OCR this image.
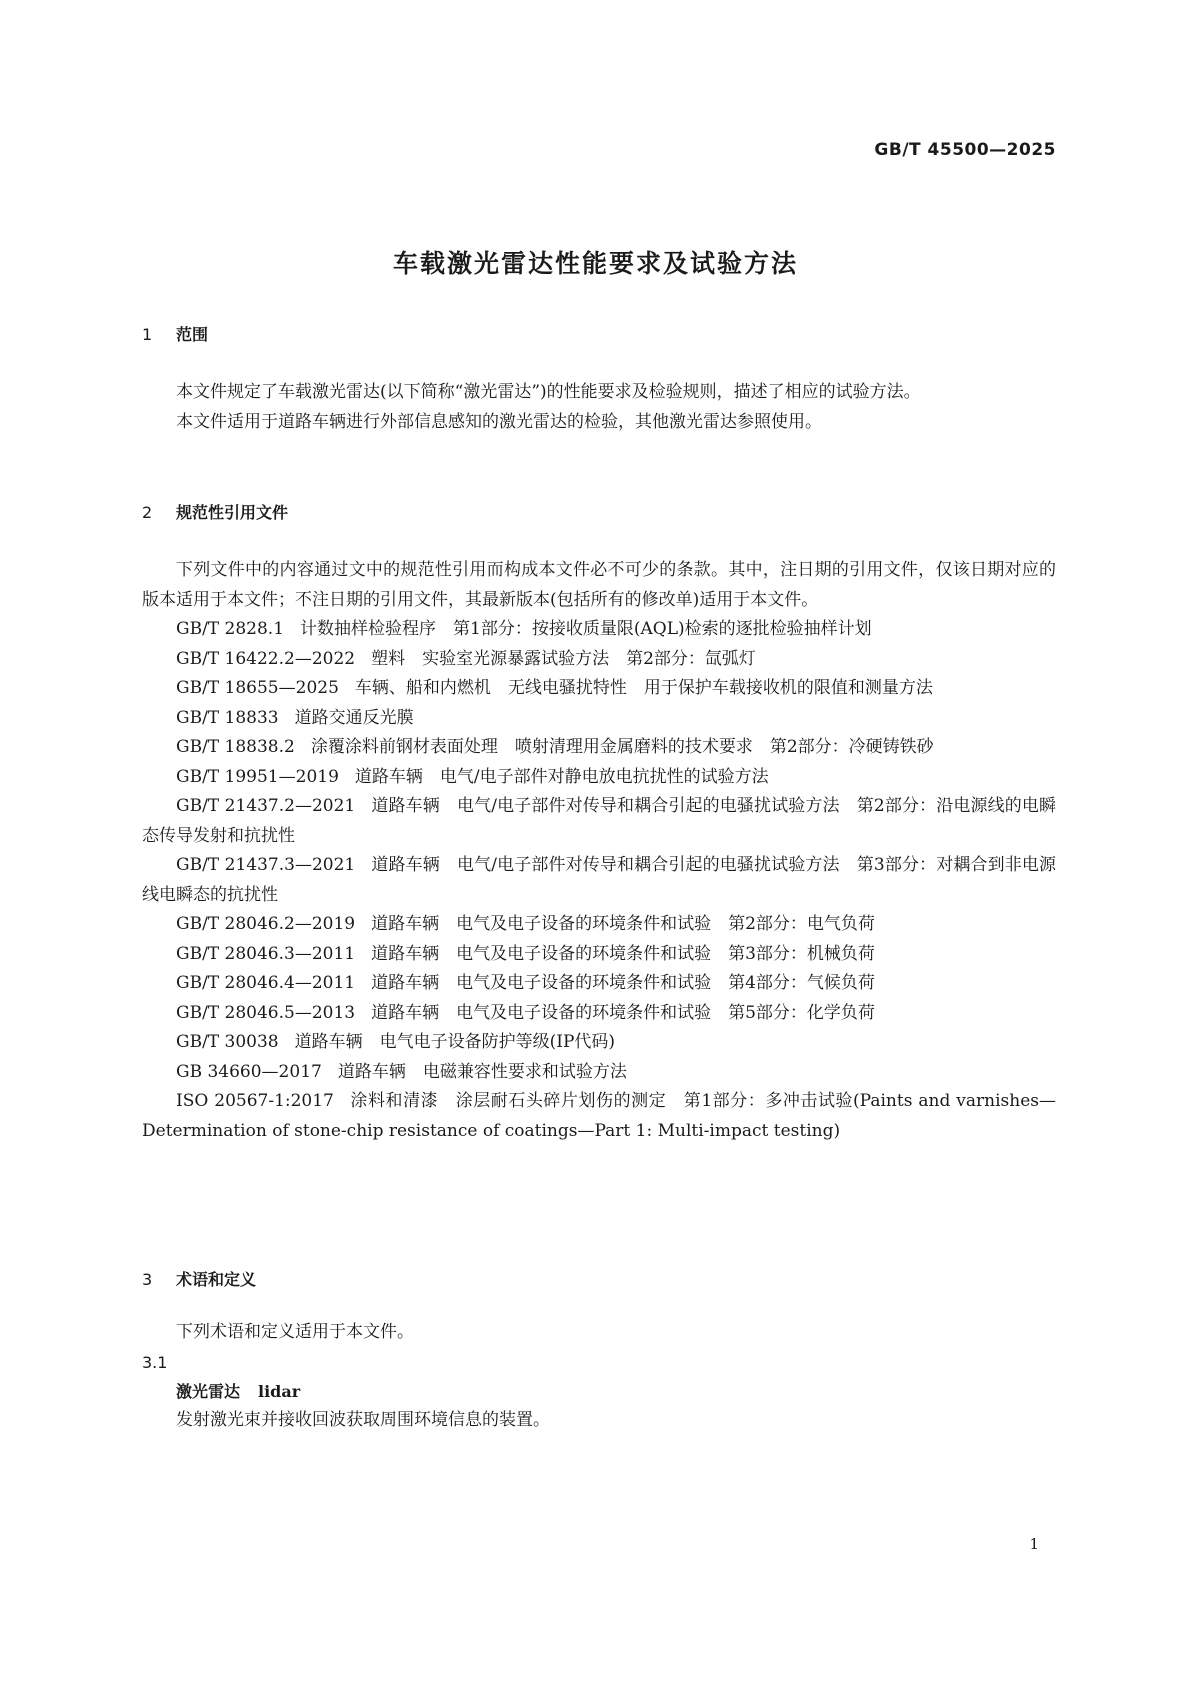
GB/T 45500—2025
车载激光雷达性能要求及试验方法

1 范围

本文件规定了车载激光雷达(以下简称“激光雷达”)的性能要求及检验规则，描述了相应的试验方法。

本文件适用于道路车辆进行外部信息感知的激光雷达的检验，其他激光雷达参照使用。

2 规范性引用文件

下列文件中的内容通过文中的规范性引用而构成本文件必不可少的条款。其中，注日期的引用文件，仅该日期对应的版本适用于本文件；不注日期的引用文件，其最新版本(包括所有的修改单)适用于本文件。

GB/T 2828.1 计数抽样检验程序　第1部分：按接收质量限(AQL)检索的逐批检验抽样计划

GB/T 16422.2—2022 塑料　实验室光源暴露试验方法　第2部分：氙弧灯

GB/T 18655—2025 车辆、船和内燃机　无线电骚扰特性　用于保护车载接收机的限值和测量方法

GB/T 18833 道路交通反光膜

GB/T 18838.2 涂覆涂料前钢材表面处理　喷射清理用金属磨料的技术要求　第2部分：冷硬铸铁砂

GB/T 19951—2019 道路车辆　电气/电子部件对静电放电抗扰性的试验方法

GB/T 21437.2—2021 道路车辆　电气/电子部件对传导和耦合引起的电骚扰试验方法　第2部分：沿电源线的电瞬态传导发射和抗扰性

GB/T 21437.3—2021 道路车辆　电气/电子部件对传导和耦合引起的电骚扰试验方法　第3部分：对耦合到非电源线电瞬态的抗扰性

GB/T 28046.2—2019 道路车辆　电气及电子设备的环境条件和试验　第2部分：电气负荷

GB/T 28046.3—2011 道路车辆　电气及电子设备的环境条件和试验　第3部分：机械负荷

GB/T 28046.4—2011 道路车辆　电气及电子设备的环境条件和试验　第4部分：气候负荷

GB/T 28046.5—2013 道路车辆　电气及电子设备的环境条件和试验　第5部分：化学负荷

GB/T 30038 道路车辆　电气电子设备防护等级(IP代码)

GB 34660—2017 道路车辆　电磁兼容性要求和试验方法

ISO 20567-1:2017 涂料和清漆　涂层耐石头碎片划伤的测定　第1部分：多冲击试验(Paints and varnishes—Determination of stone-chip resistance of coatings—Part 1: Multi-impact testing)

3 术语和定义

下列术语和定义适用于本文件。

3.1

激光雷达 lidar

发射激光束并接收回波获取周围环境信息的装置。

1
